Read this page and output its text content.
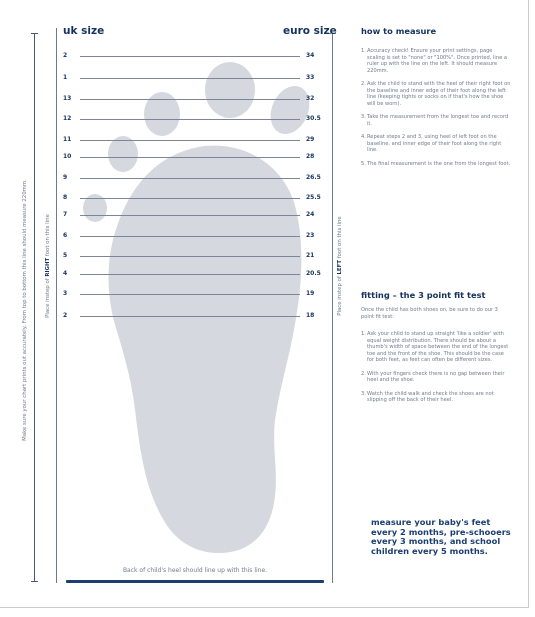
Make sure your chart prints out accurately. From top to bottom this line should measure 220mm.	Place instep of RIGHT foot on this line
Place instep of LEFT foot on this line
uk size	euro size
2	34
1	33
13	32
12	30.5
11	29
10	28
9	26.5
8	25.5
7	24
6	23
5	21
4	20.5
3	19
2	18
Back of child's heel should line up with this line.
how to measure
1. Accuracy check! Ensure your print settings, page scaling is set to "none" or "100%". Once printed, line a ruler up with the line on the left. It should measure 220mm.
2. Ask the child to stand with the heel of their right foot on the baseline and inner edge of their foot along the left line (keeping tights or socks on if that's how the shoe will be worn).
3. Take the measurement from the longest toe and record it.
4. Repeat steps 2 and 3, using heel of left foot on the baseline, and inner edge of their foot along the right line.
5. The final measurement is the one from the longest foot.
fitting – the 3 point fit test
Once the child has both shoes on, be sure to do our 3 point fit test:
1. Ask your child to stand up straight 'like a soldier' with equal weight distribution. There should be about a thumb's width of space between the end of the longest toe and the front of the shoe. This should be the case for both feet, as feet can often be different sizes.
2. With your fingers check there is no gap between their heel and the shoe.
3. Watch the child walk and check the shoes are not slipping off the back of their heel.
measure your baby's feet every 2 months, pre-schooers every 3 months, and school children every 5 months.
